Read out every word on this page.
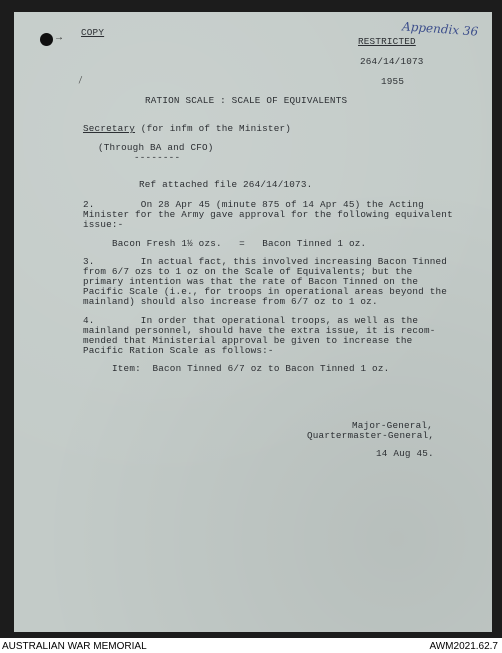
→
COPY
RESTRICTED
Appendix 36
⁄
264/14/1073
1955
RATION SCALE : SCALE OF EQUIVALENTS
Secretary (for infm of the Minister)
(Through BA and CFO)
--------
Ref attached file 264/14/1073.
2.        On 28 Apr 45 (minute 875 of 14 Apr 45) the Acting
Minister for the Army gave approval for the following equivalent
issue:-
Bacon Fresh 1½ ozs.   =   Bacon Tinned 1 oz.
3.        In actual fact, this involved increasing Bacon Tinned
from 6/7 ozs to 1 oz on the Scale of Equivalents; but the
primary intention was that the rate of Bacon Tinned on the
Pacific Scale (i.e., for troops in operational areas beyond the
mainland) should also increase from 6/7 oz to 1 oz.
4.        In order that operational troops, as well as the
mainland personnel, should have the extra issue, it is recom-
mended that Ministerial approval be given to increase the
Pacific Ration Scale as follows:-
Item:  Bacon Tinned 6/7 oz to Bacon Tinned 1 oz.
Major-General,
Quartermaster-General,
14 Aug 45.
AUSTRALIAN WAR MEMORIAL	AWM2021.62.7
